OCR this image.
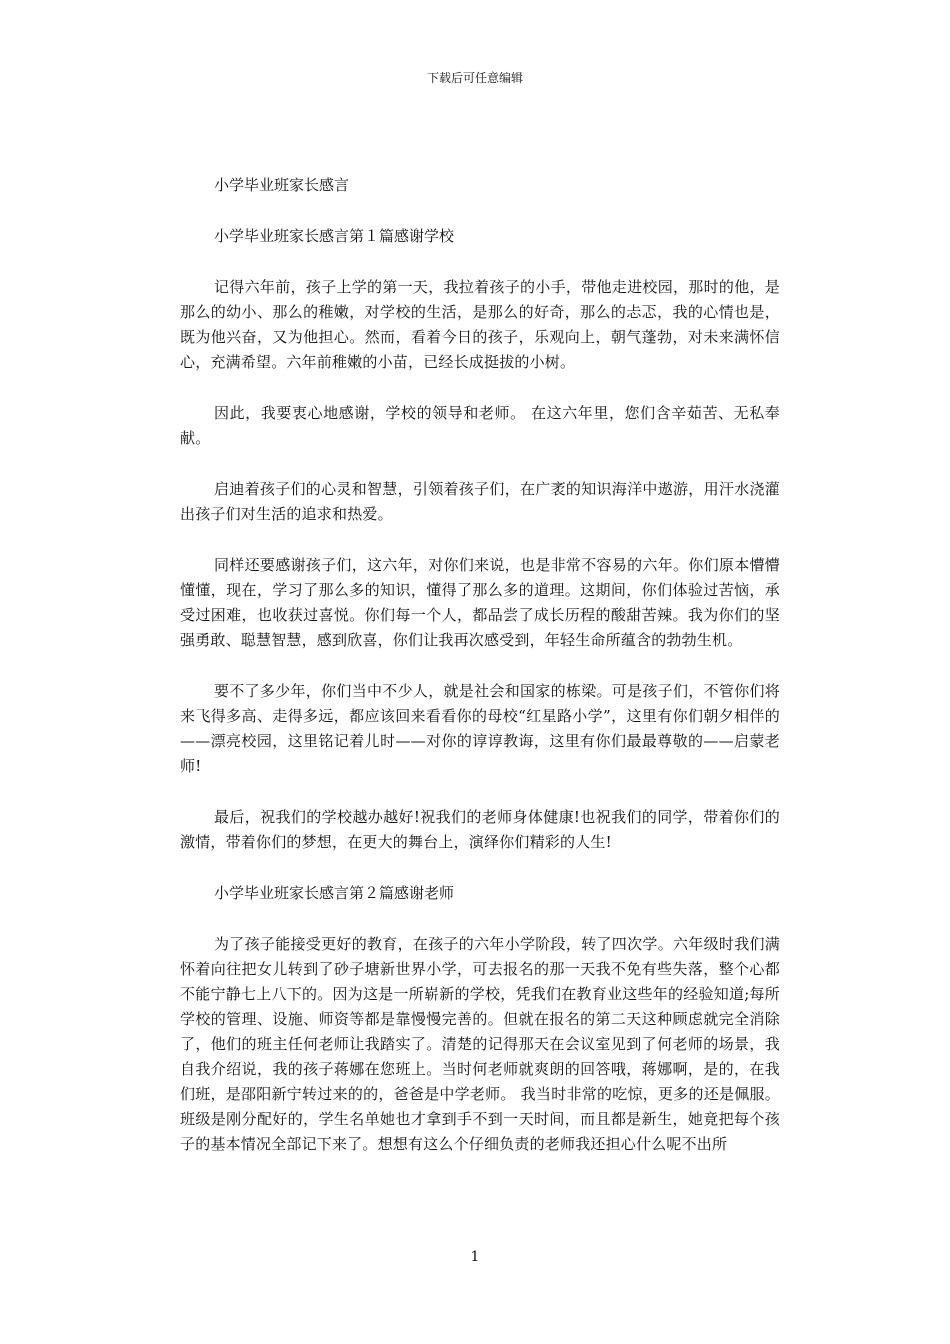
下载后可任意编辑

小学毕业班家长感言

小学毕业班家长感言第１篇感谢学校

记得六年前，孩子上学的第一天，我拉着孩子的小手，带他走进校园，那时的他，是那么的幼小、那么的稚嫩，对学校的生活，是那么的好奇，那么的忐忑，我的心情也是，既为他兴奋，又为他担心。然而，看着今日的孩子，乐观向上，朝气蓬勃，对未来满怀信心，充满希望。六年前稚嫩的小苗，已经长成挺拔的小树。

因此，我要衷心地感谢，学校的领导和老师。 在这六年里，您们含辛茹苦、无私奉献。

启迪着孩子们的心灵和智慧，引领着孩子们，在广袤的知识海洋中遨游，用汗水浇灌出孩子们对生活的追求和热爱。

同样还要感谢孩子们，这六年，对你们来说，也是非常不容易的六年。你们原本懵懵懂懂，现在，学习了那么多的知识，懂得了那么多的道理。这期间，你们体验过苦恼，承受过困难，也收获过喜悦。你们每一个人，都品尝了成长历程的酸甜苦辣。我为你们的坚强勇敢、聪慧智慧，感到欣喜，你们让我再次感受到，年轻生命所蕴含的勃勃生机。

要不了多少年，你们当中不少人，就是社会和国家的栋梁。可是孩子们，不管你们将来飞得多高、走得多远，都应该回来看看你的母校“红星路小学”，这里有你们朝夕相伴的——漂亮校园，这里铭记着儿时——对你的谆谆教诲，这里有你们最最尊敬的——启蒙老师!

最后，祝我们的学校越办越好!祝我们的老师身体健康!也祝我们的同学，带着你们的激情，带着你们的梦想，在更大的舞台上，演绎你们精彩的人生!

小学毕业班家长感言第２篇感谢老师

为了孩子能接受更好的教育，在孩子的六年小学阶段，转了四次学。六年级时我们满怀着向往把女儿转到了砂子塘新世界小学，可去报名的那一天我不免有些失落，整个心都不能宁静七上八下的。因为这是一所崭新的学校，凭我们在教育业这些年的经验知道;每所学校的管理、设施、师资等都是靠慢慢完善的。但就在报名的第二天这种顾虑就完全消除了，他们的班主任何老师让我踏实了。清楚的记得那天在会议室见到了何老师的场景，我自我介绍说，我的孩子蒋娜在您班上。当时何老师就爽朗的回答哦，蒋娜啊，是的，在我们班，是邵阳新宁转过来的的，爸爸是中学老师。 我当时非常的吃惊，更多的还是佩服。班级是刚分配好的，学生名单她也才拿到手不到一天时间，而且都是新生，她竟把每个孩子的基本情况全部记下来了。想想有这么个仔细负责的老师我还担心什么呢不出所

1
